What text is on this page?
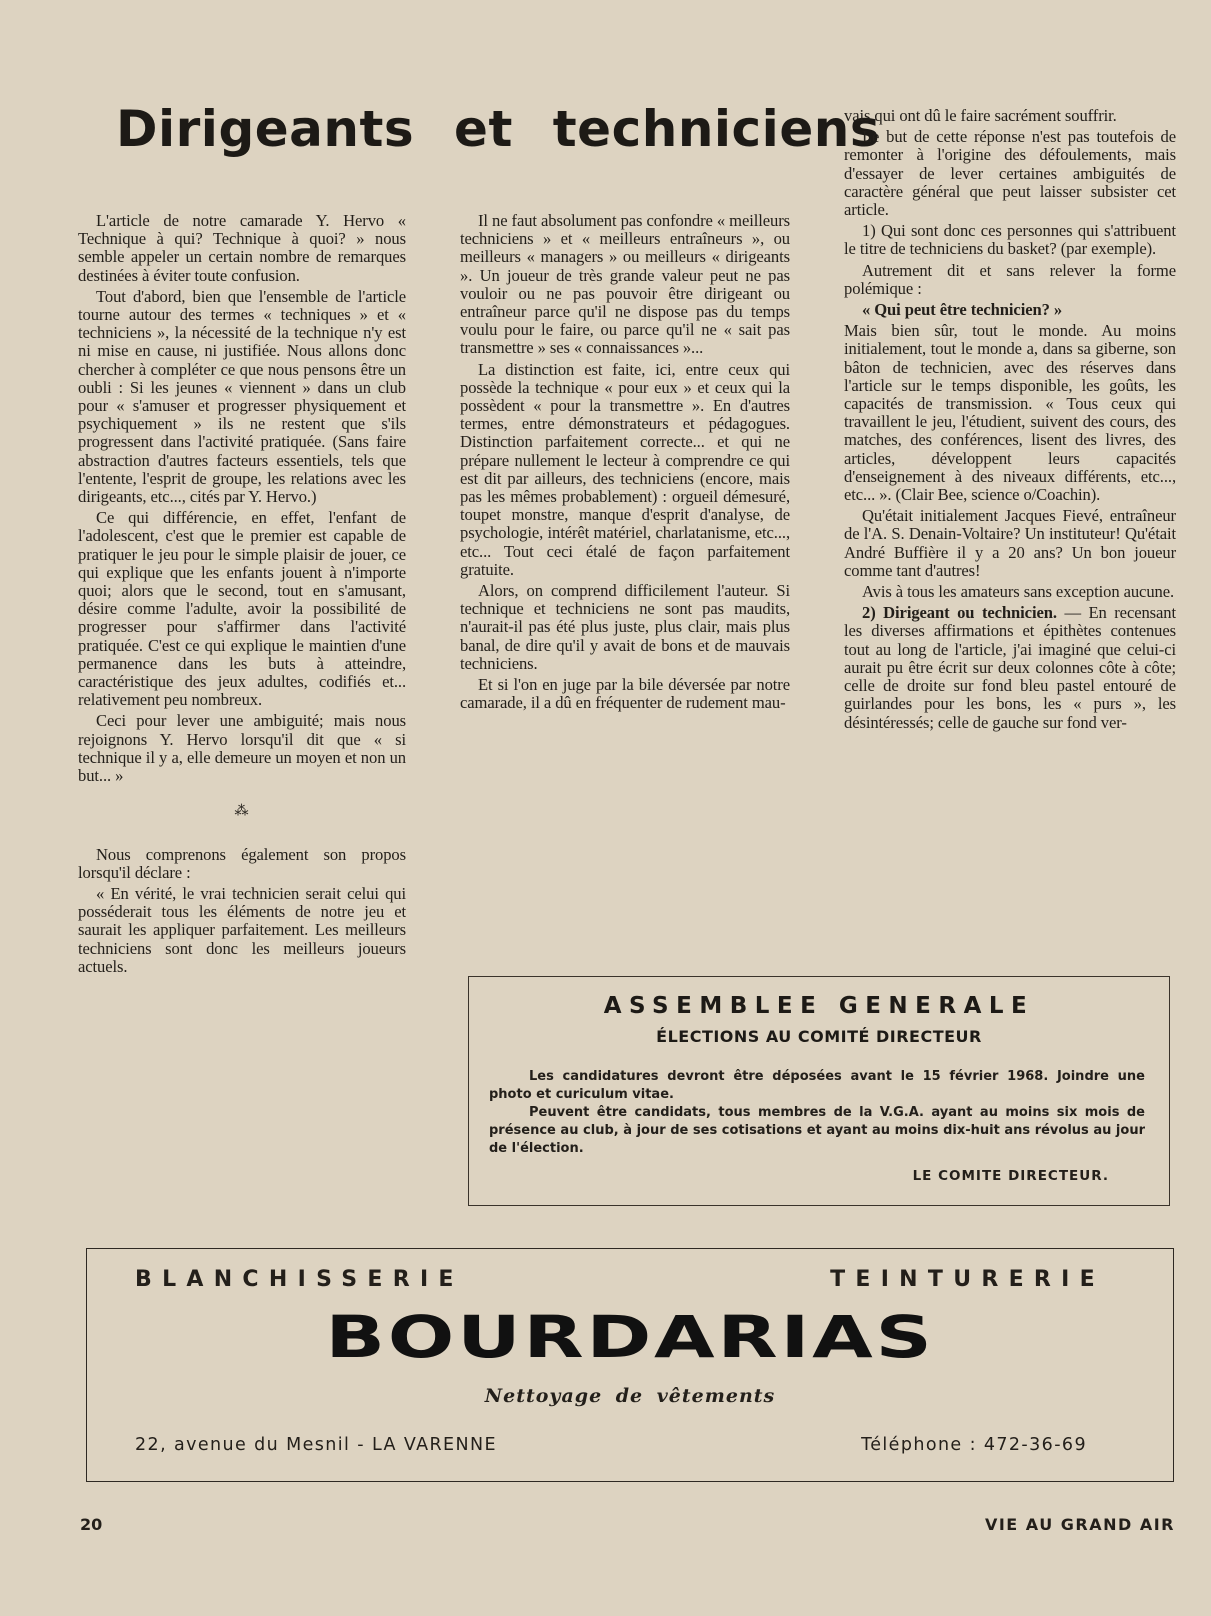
Dirigeants et techniciens

L'article de notre camarade Y. Hervo « Technique à qui? Technique à quoi? » nous semble appeler un certain nombre de remarques destinées à éviter toute confusion.

Tout d'abord, bien que l'ensemble de l'article tourne autour des termes « techniques » et « techniciens », la nécessité de la technique n'y est ni mise en cause, ni justifiée. Nous allons donc chercher à compléter ce que nous pensons être un oubli : Si les jeunes « viennent » dans un club pour « s'amuser et progresser physiquement et psychiquement » ils ne restent que s'ils progressent dans l'activité pratiquée. (Sans faire abstraction d'autres facteurs essentiels, tels que l'entente, l'esprit de groupe, les relations avec les dirigeants, etc..., cités par Y. Hervo.)

Ce qui différencie, en effet, l'enfant de l'adolescent, c'est que le premier est capable de pratiquer le jeu pour le simple plaisir de jouer, ce qui explique que les enfants jouent à n'importe quoi; alors que le second, tout en s'amusant, désire comme l'adulte, avoir la possibilité de progresser pour s'affirmer dans l'activité pratiquée. C'est ce qui explique le maintien d'une permanence dans les buts à atteindre, caractéristique des jeux adultes, codifiés et... relativement peu nombreux.

Ceci pour lever une ambiguité; mais nous rejoignons Y. Hervo lorsqu'il dit que « si technique il y a, elle demeure un moyen et non un but... »

⁂

Nous comprenons également son propos lorsqu'il déclare :

« En vérité, le vrai technicien serait celui qui posséderait tous les éléments de notre jeu et saurait les appliquer parfaitement. Les meilleurs techniciens sont donc les meilleurs joueurs actuels.

Il ne faut absolument pas confondre « meilleurs techniciens » et « meilleurs entraîneurs », ou meilleurs « managers » ou meilleurs « dirigeants ». Un joueur de très grande valeur peut ne pas vouloir ou ne pas pouvoir être dirigeant ou entraîneur parce qu'il ne dispose pas du temps voulu pour le faire, ou parce qu'il ne « sait pas transmettre » ses « connaissances »...

La distinction est faite, ici, entre ceux qui possède la technique « pour eux » et ceux qui la possèdent « pour la transmettre ». En d'autres termes, entre démonstrateurs et pédagogues. Distinction parfaitement correcte... et qui ne prépare nullement le lecteur à comprendre ce qui est dit par ailleurs, des techniciens (encore, mais pas les mêmes probablement) : orgueil démesuré, toupet monstre, manque d'esprit d'analyse, de psychologie, intérêt matériel, charlatanisme, etc..., etc... Tout ceci étalé de façon parfaitement gratuite.

Alors, on comprend difficilement l'auteur. Si technique et techniciens ne sont pas maudits, n'aurait-il pas été plus juste, plus clair, mais plus banal, de dire qu'il y avait de bons et de mauvais techniciens.

Et si l'on en juge par la bile déversée par notre camarade, il a dû en fréquenter de rudement mau-

vais qui ont dû le faire sacrément souffrir.

Le but de cette réponse n'est pas toutefois de remonter à l'origine des défoulements, mais d'essayer de lever certaines ambiguités de caractère général que peut laisser subsister cet article.

1) Qui sont donc ces personnes qui s'attribuent le titre de techniciens du basket? (par exemple).

Autrement dit et sans relever la forme polémique :

« Qui peut être technicien? »

Mais bien sûr, tout le monde. Au moins initialement, tout le monde a, dans sa giberne, son bâton de technicien, avec des réserves dans l'article sur le temps disponible, les goûts, les capacités de transmission. « Tous ceux qui travaillent le jeu, l'étudient, suivent des cours, des matches, des conférences, lisent des livres, des articles, développent leurs capacités d'enseignement à des niveaux différents, etc..., etc... ». (Clair Bee, science o/Coachin).

Qu'était initialement Jacques Fievé, entraîneur de l'A. S. Denain-Voltaire? Un instituteur! Qu'était André Buffière il y a 20 ans? Un bon joueur comme tant d'autres!

Avis à tous les amateurs sans exception aucune.

2) Dirigeant ou technicien. — En recensant les diverses affirmations et épithètes contenues tout au long de l'article, j'ai imaginé que celui-ci aurait pu être écrit sur deux colonnes côte à côte; celle de droite sur fond bleu pastel entouré de guirlandes pour les bons, les « purs », les désintéressés; celle de gauche sur fond ver-

ASSEMBLEE GENERALE
ÉLECTIONS AU COMITÉ DIRECTEUR

Les candidatures devront être déposées avant le 15 février 1968. Joindre une photo et curiculum vitae.

Peuvent être candidats, tous membres de la V.G.A. ayant au moins six mois de présence au club, à jour de ses cotisations et ayant au moins dix-huit ans révolus au jour de l'élection.

LE COMITE DIRECTEUR.
BLANCHISSERIE	TEINTURERIE
BOURDARIAS
Nettoyage de vêtements
22, avenue du Mesnil - LA VARENNE	Téléphone : 472-36-69
20	VIE AU GRAND AIR
